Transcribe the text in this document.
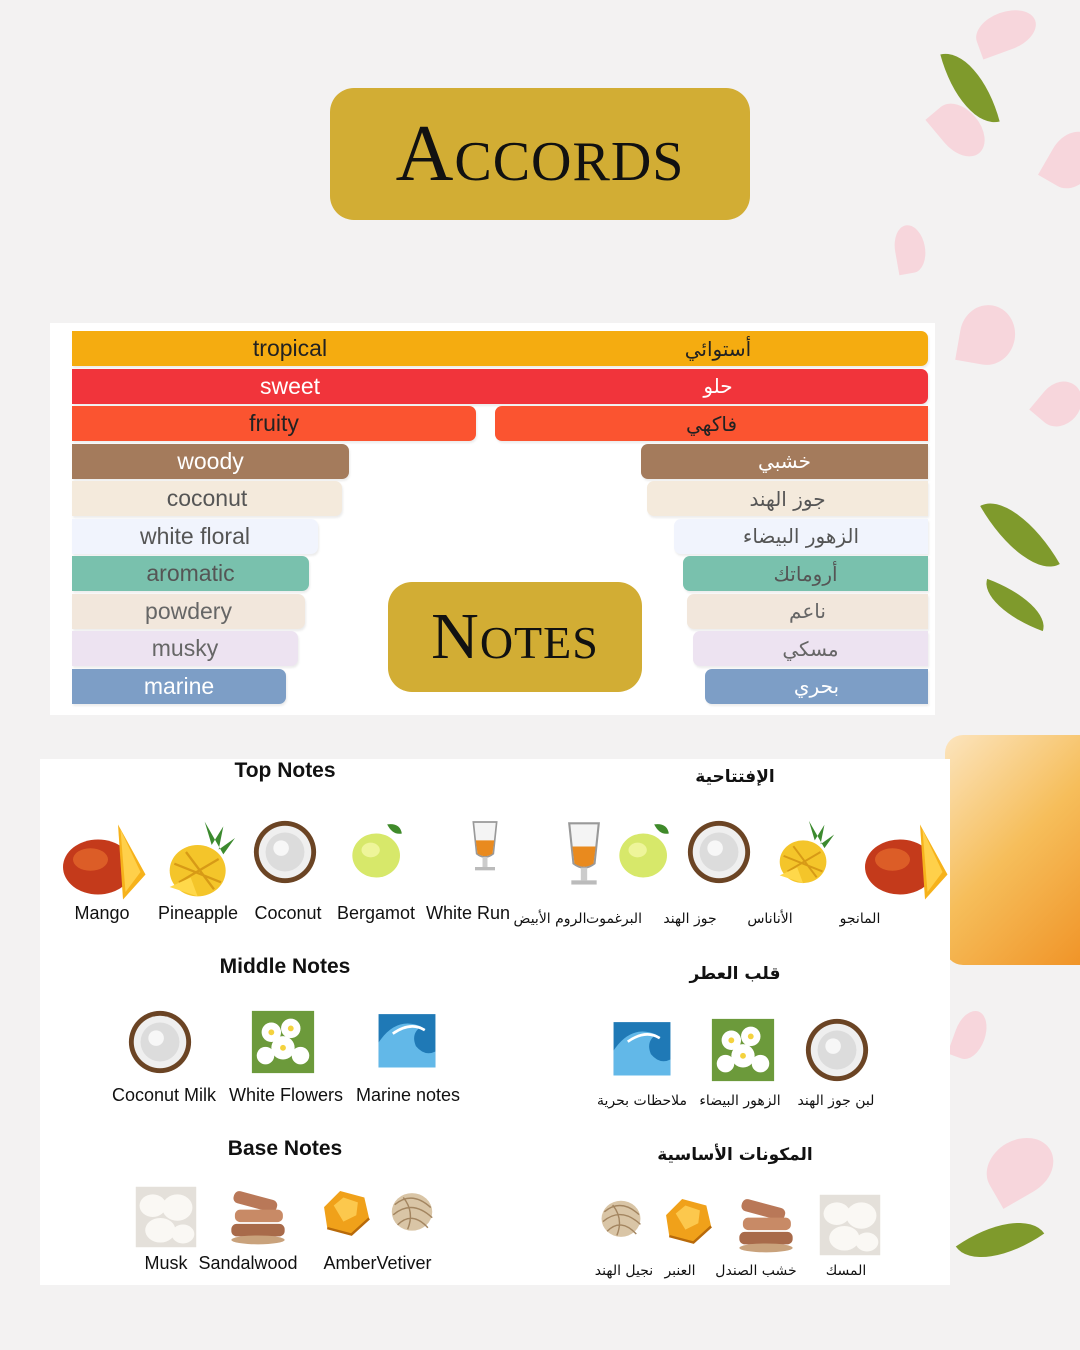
Accords
tropical	أستوائي
sweet	حلو
fruity	فاكهي
woody	خشبي
coconut	جوز الهند
white floral	الزهور البيضاء
aromatic	أروماتك
powdery	ناعم
musky	مسكي
marine	بحري
Notes
Top Notes	الإفتتاحية
Middle Notes	قلب العطر
Base Notes	المكونات الأساسية
Mango	Pineapple Coconut Bergamot White Run الروم الأبيض البرغموت	جوز الهند	الأناناس	المانجو
Coconut Milk White Flowers Marine notes	ملاحظات بحرية الزهور البيضاء	لبن جوز الهند
Musk Sandalwood	Amber Vetiver	نجيل الهند العنبر	خشب الصندل	المسك
